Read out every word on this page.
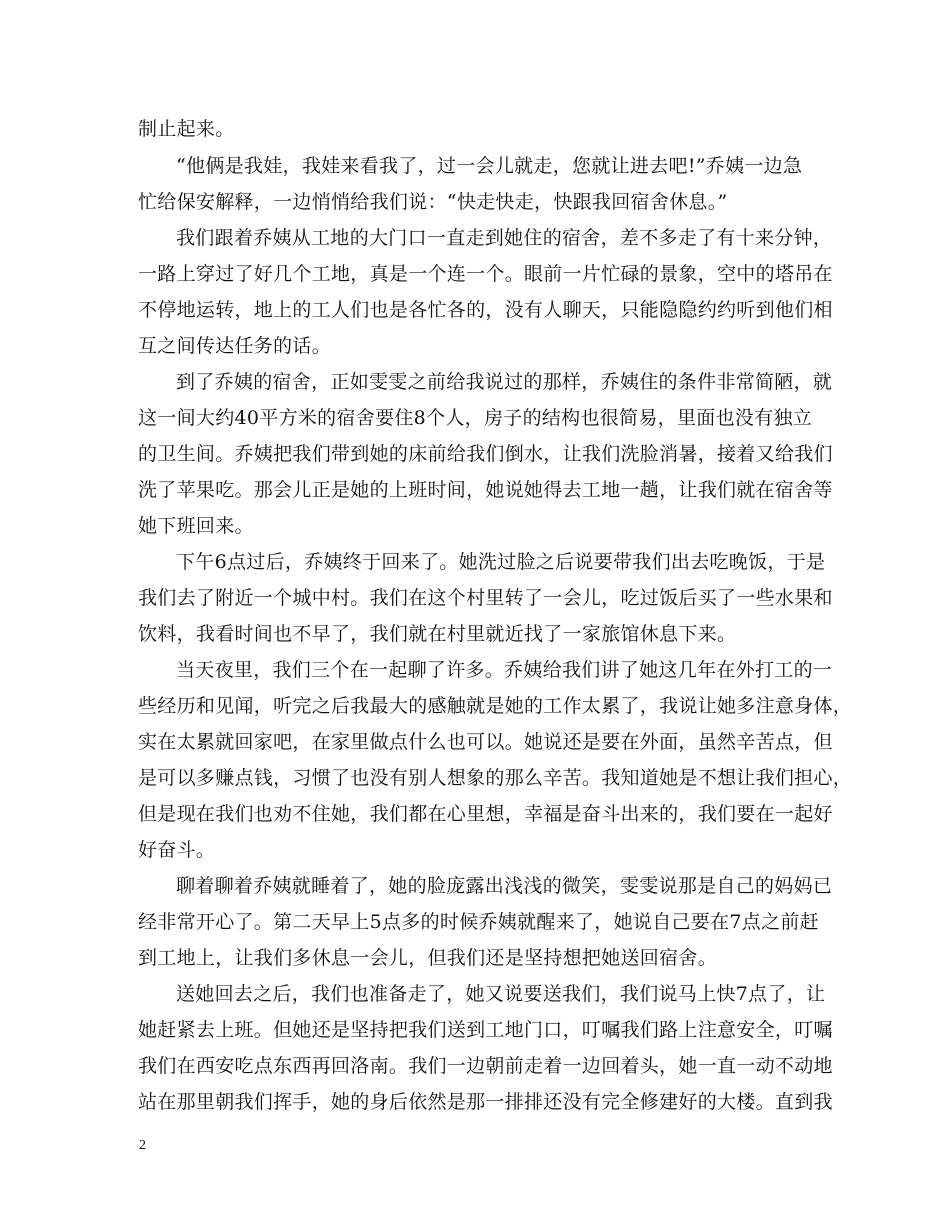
制止起来。
“他俩是我娃，我娃来看我了，过一会儿就走，您就让进去吧!”乔姨一边急
忙给保安解释，一边悄悄给我们说：“快走快走，快跟我回宿舍休息。”
我们跟着乔姨从工地的大门口一直走到她住的宿舍，差不多走了有十来分钟，
一路上穿过了好几个工地，真是一个连一个。眼前一片忙碌的景象，空中的塔吊在
不停地运转，地上的工人们也是各忙各的，没有人聊天，只能隐隐约约听到他们相
互之间传达任务的话。
到了乔姨的宿舍，正如雯雯之前给我说过的那样，乔姨住的条件非常简陋，就
这一间大约40平方米的宿舍要住8个人，房子的结构也很简易，里面也没有独立
的卫生间。乔姨把我们带到她的床前给我们倒水，让我们洗脸消暑，接着又给我们
洗了苹果吃。那会儿正是她的上班时间，她说她得去工地一趟，让我们就在宿舍等
她下班回来。
下午6点过后，乔姨终于回来了。她洗过脸之后说要带我们出去吃晚饭，于是
我们去了附近一个城中村。我们在这个村里转了一会儿，吃过饭后买了一些水果和
饮料，我看时间也不早了，我们就在村里就近找了一家旅馆休息下来。
当天夜里，我们三个在一起聊了许多。乔姨给我们讲了她这几年在外打工的一
些经历和见闻，听完之后我最大的感触就是她的工作太累了，我说让她多注意身体，
实在太累就回家吧，在家里做点什么也可以。她说还是要在外面，虽然辛苦点，但
是可以多赚点钱，习惯了也没有别人想象的那么辛苦。我知道她是不想让我们担心，
但是现在我们也劝不住她，我们都在心里想，幸福是奋斗出来的，我们要在一起好
好奋斗。
聊着聊着乔姨就睡着了，她的脸庞露出浅浅的微笑，雯雯说那是自己的妈妈已
经非常开心了。第二天早上5点多的时候乔姨就醒来了，她说自己要在7点之前赶
到工地上，让我们多休息一会儿，但我们还是坚持想把她送回宿舍。
送她回去之后，我们也准备走了，她又说要送我们，我们说马上快7点了，让
她赶紧去上班。但她还是坚持把我们送到工地门口，叮嘱我们路上注意安全，叮嘱
我们在西安吃点东西再回洛南。我们一边朝前走着一边回着头，她一直一动不动地
站在那里朝我们挥手，她的身后依然是那一排排还没有完全修建好的大楼。直到我
2
